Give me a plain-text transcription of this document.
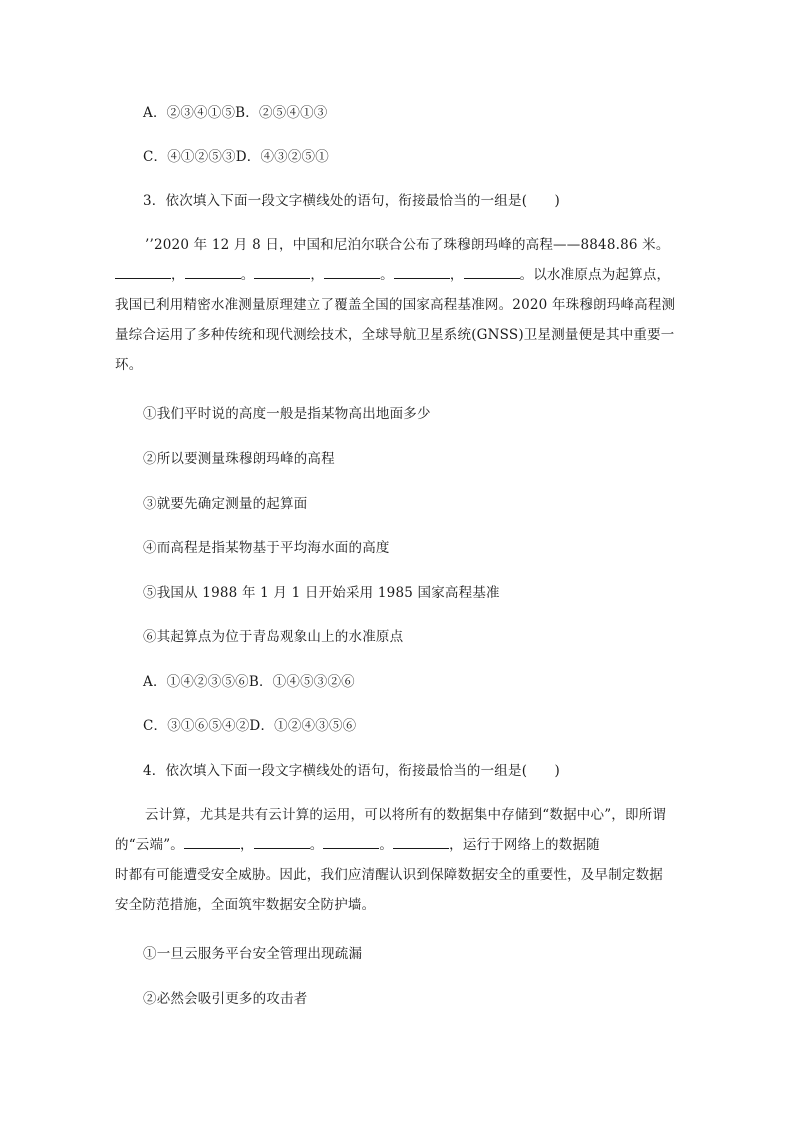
A．②③④①⑤B．②⑤④①③
C．④①②⑤③D．④③②⑤①
3．依次填入下面一段文字横线处的语句，衔接最恰当的一组是(　　)

’’2020 年 12 月 8 日，中国和尼泊尔联合公布了珠穆朗玛峰的高程——8848.86 米。

，	。	，	。	，	。以水准原点为起算点，

我国已利用精密水准测量原理建立了覆盖全国的国家高程基准网。2020 年珠穆朗玛峰高程测

量综合运用了多种传统和现代测绘技术，全球导航卫星系统(GNSS)卫星测量便是其中重要一

环。

①我们平时说的高度一般是指某物高出地面多少
②所以要测量珠穆朗玛峰的高程
③就要先确定测量的起算面
④而高程是指某物基于平均海水面的高度
⑤我国从 1988 年 1 月 1 日开始采用 1985 国家高程基准
⑥其起算点为位于青岛观象山上的水准原点
A．①④②③⑤⑥B．①④⑤③②⑥
C．③①⑥⑤④②D．①②④③⑤⑥
4．依次填入下面一段文字横线处的语句，衔接最恰当的一组是(　　)

云计算，尤其是共有云计算的运用，可以将所有的数据集中存储到“数据中心”，即所谓

的“云端”。	，	。	。	，运行于网络上的数据随

时都有可能遭受安全威胁。因此，我们应清醒认识到保障数据安全的重要性，及早制定数据

安全防范措施，全面筑牢数据安全防护墙。

①一旦云服务平台安全管理出现疏漏
②必然会吸引更多的攻击者
